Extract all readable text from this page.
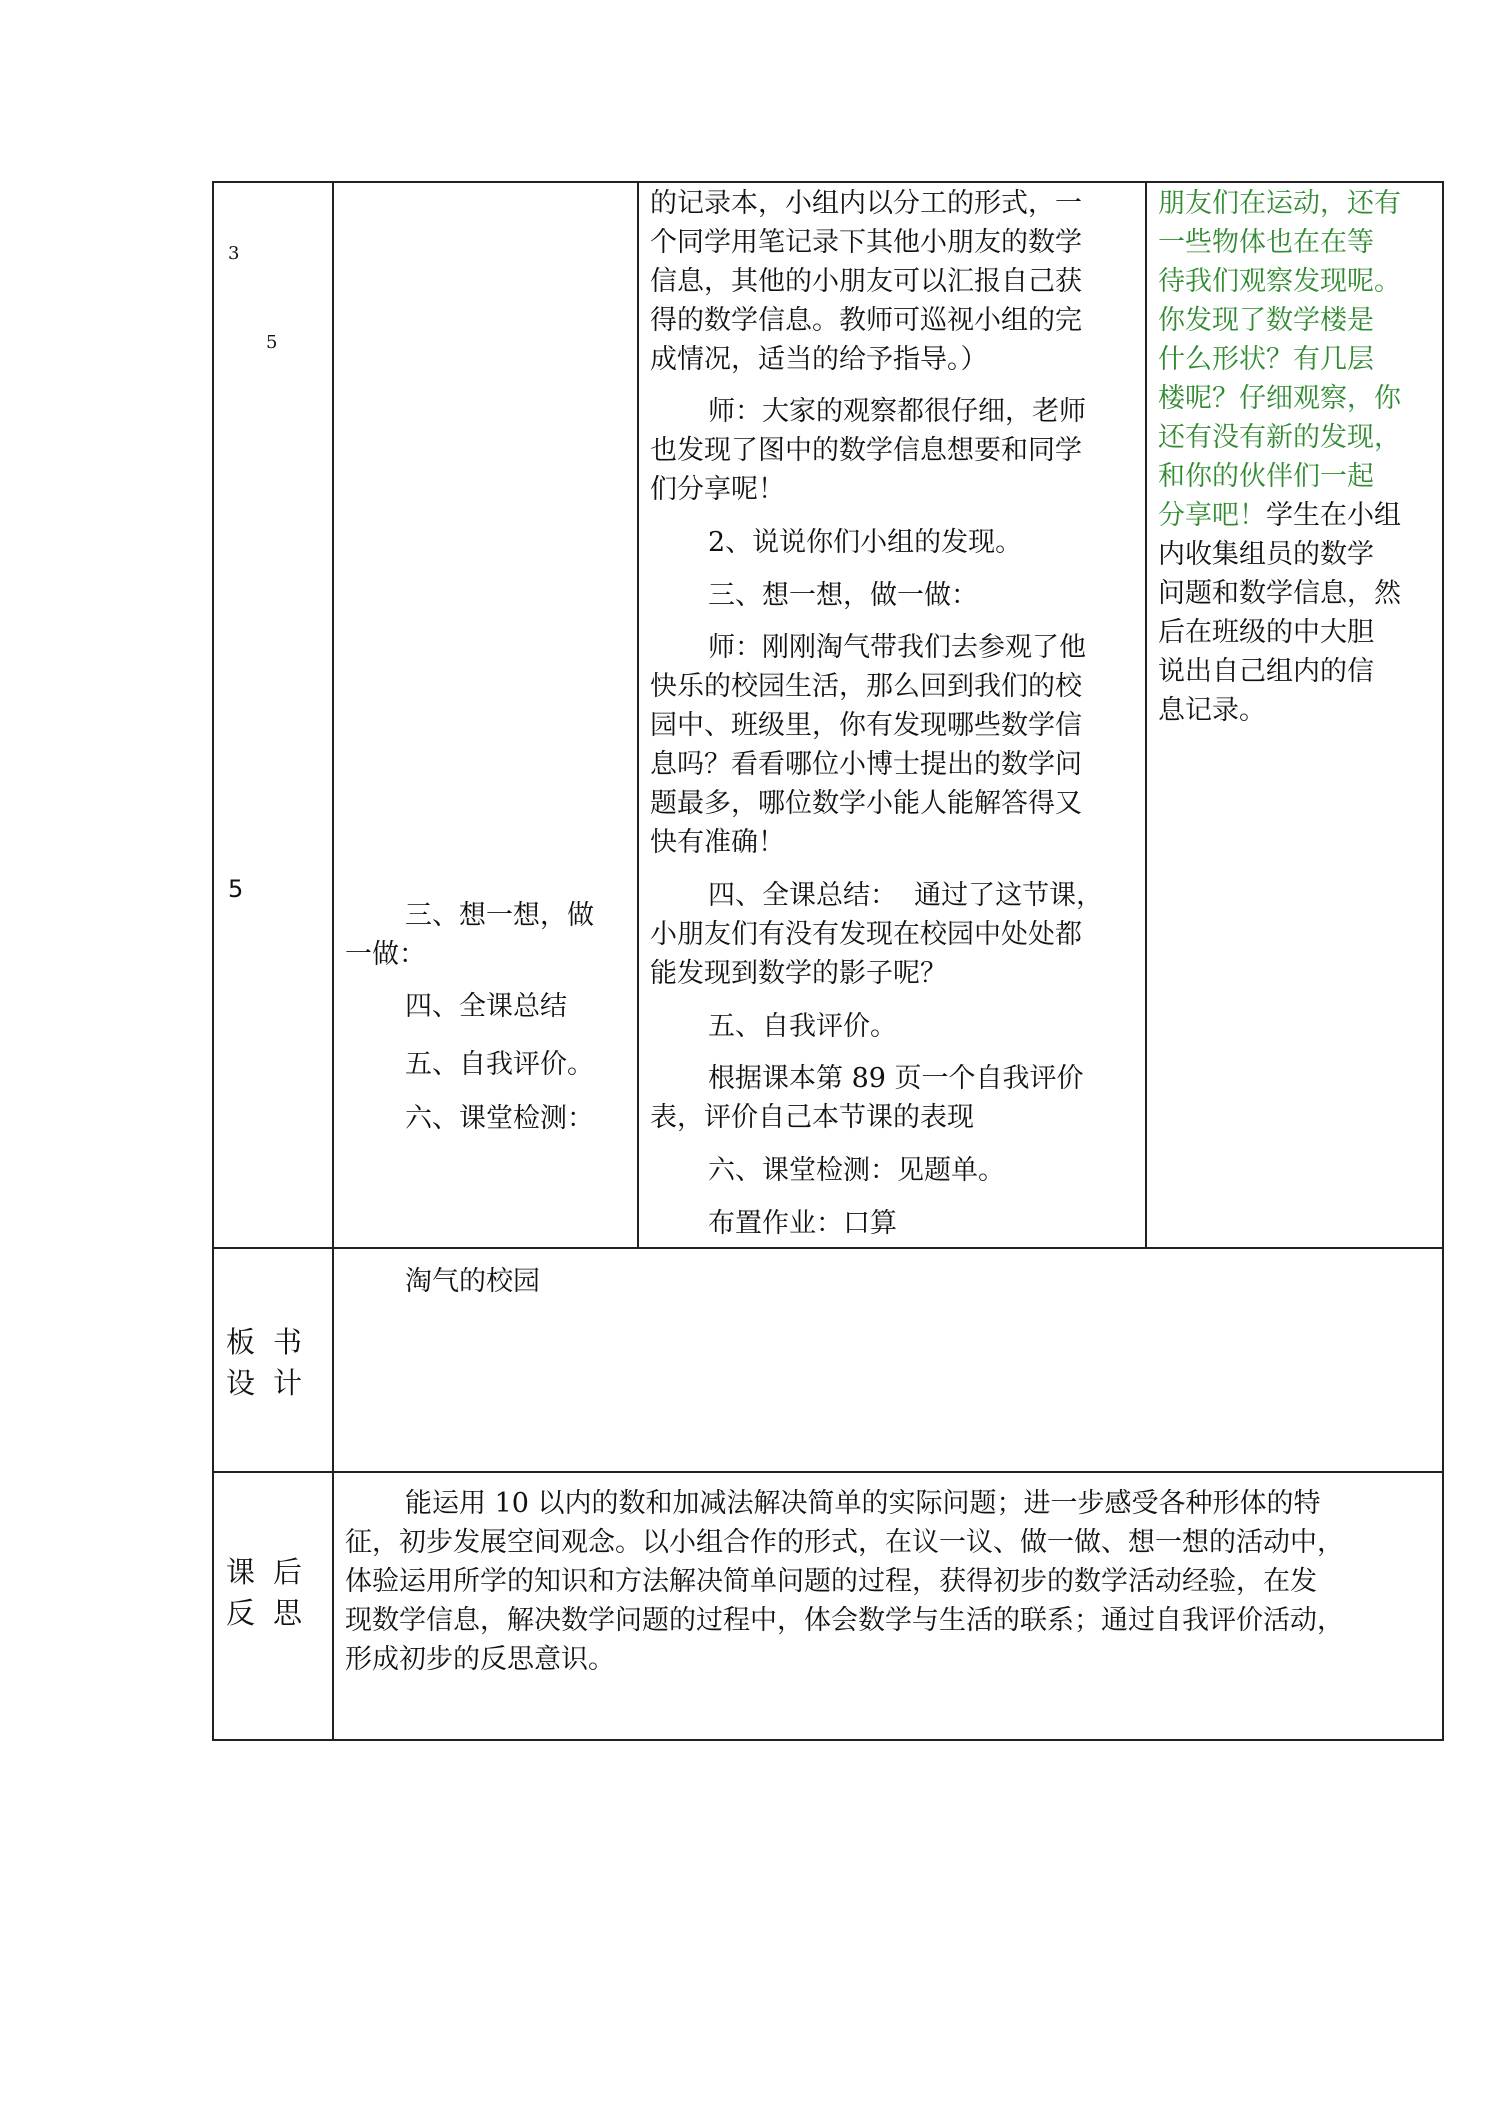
3
5
5
三、想一想，做
一做：
四、全课总结
五、自我评价。
六、课堂检测：
的记录本，小组内以分工的形式，一
个同学用笔记录下其他小朋友的数学
信息，其他的小朋友可以汇报自己获
得的数学信息。教师可巡视小组的完
成情况，适当的给予指导。）
师：大家的观察都很仔细，老师
也发现了图中的数学信息想要和同学
们分享呢！
2、说说你们小组的发现。
三、想一想，做一做：
师：刚刚淘气带我们去参观了他
快乐的校园生活，那么回到我们的校
园中、班级里，你有发现哪些数学信
息吗？看看哪位小博士提出的数学问
题最多，哪位数学小能人能解答得又
快有准确！
四、全课总结：  通过了这节课，
小朋友们有没有发现在校园中处处都
能发现到数学的影子呢？
五、自我评价。
根据课本第 89 页一个自我评价
表，评价自己本节课的表现
六、课堂检测：见题单。
布置作业：口算
朋友们在运动，还有
一些物体也在在等
待我们观察发现呢。
你发现了数学楼是
什么形状？有几层
楼呢？仔细观察，你
还有没有新的发现，
和你的伙伴们一起
分享吧！学生在小组
内收集组员的数学
问题和数学信息，然
后在班级的中大胆
说出自己组内的信
息记录。
板书
设计
淘气的校园
课后
反思
能运用 10 以内的数和加减法解决简单的实际问题；进一步感受各种形体的特
征，初步发展空间观念。以小组合作的形式，在议一议、做一做、想一想的活动中，
体验运用所学的知识和方法解决简单问题的过程，获得初步的数学活动经验，在发
现数学信息，解决数学问题的过程中，体会数学与生活的联系；通过自我评价活动，
形成初步的反思意识。
